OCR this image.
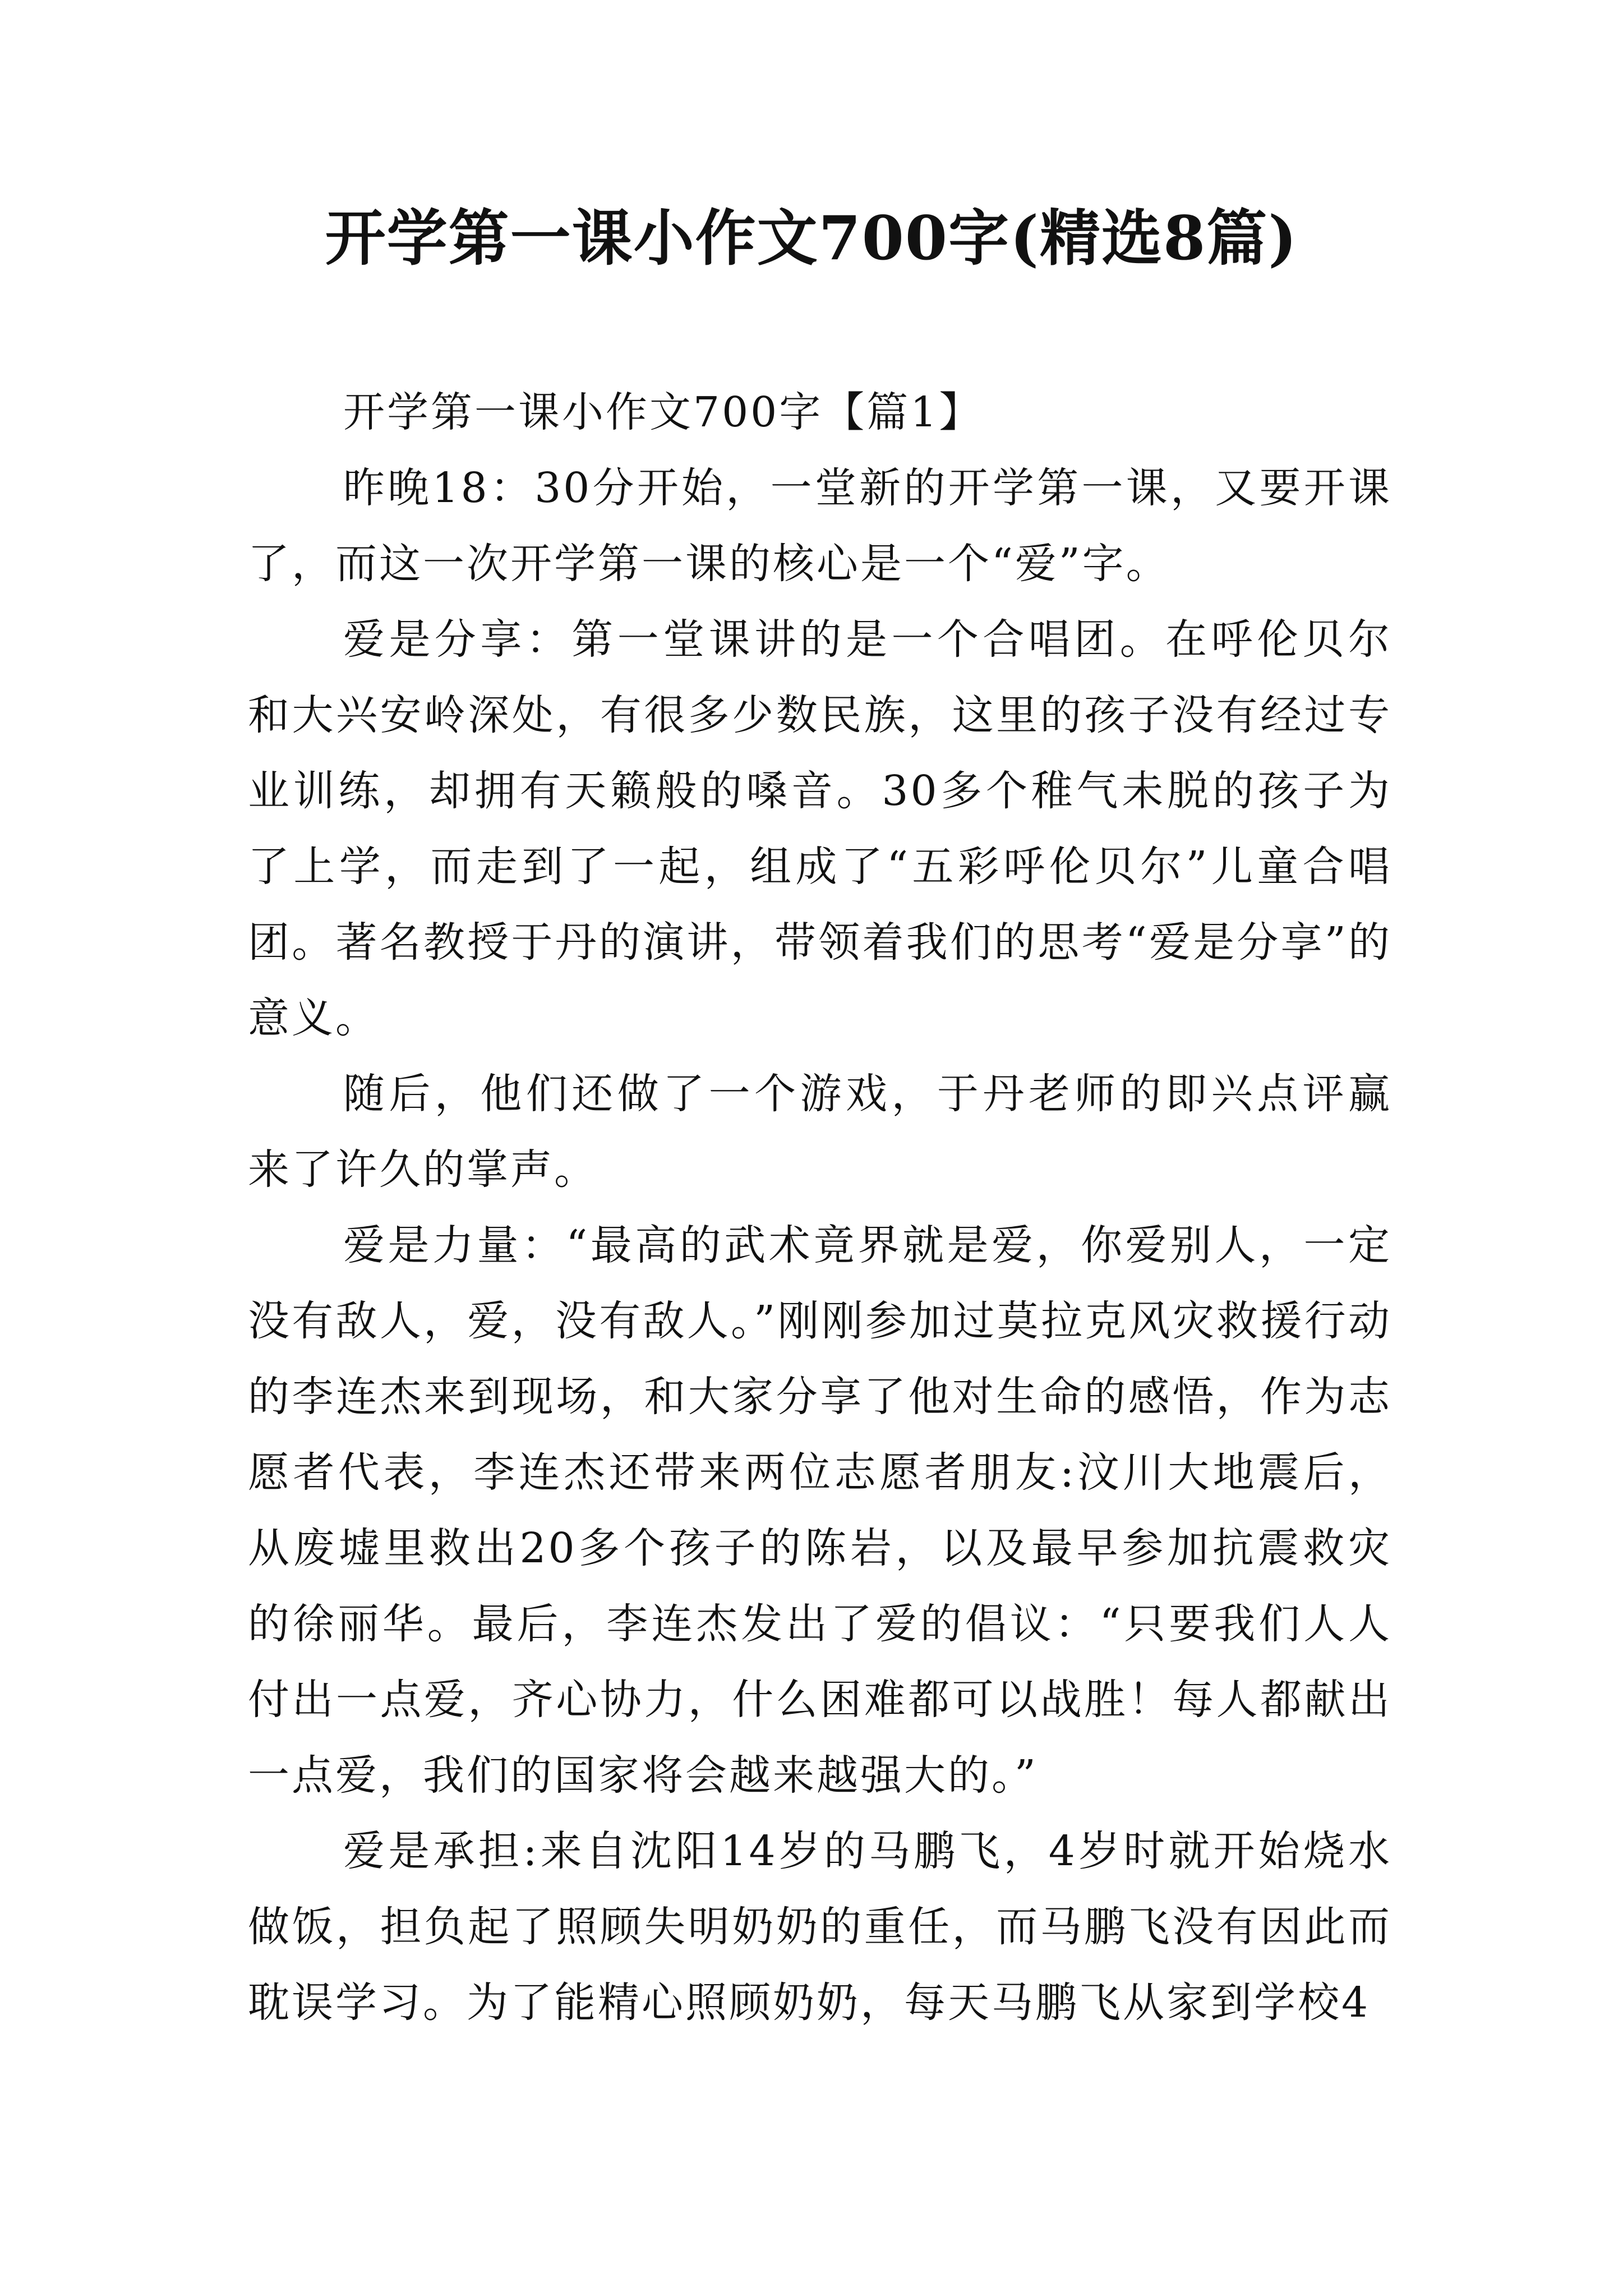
开学第一课小作文700字(精选8篇)

开学第一课小作文700字【篇1】

昨晚18：30分开始，一堂新的开学第一课，又要开课了，而这一次开学第一课的核心是一个“爱”字。

爱是分享：第一堂课讲的是一个合唱团。在呼伦贝尔和大兴安岭深处，有很多少数民族，这里的孩子没有经过专业训练，却拥有天籁般的嗓音。30多个稚气未脱的孩子为了上学，而走到了一起，组成了“五彩呼伦贝尔”儿童合唱团。著名教授于丹的演讲，带领着我们的思考“爱是分享”的意义。

随后，他们还做了一个游戏，于丹老师的即兴点评赢来了许久的掌声。

爱是力量：“最高的武术竟界就是爱，你爱别人，一定没有敌人，爱，没有敌人。”刚刚参加过莫拉克风灾救援行动的李连杰来到现场，和大家分享了他对生命的感悟，作为志愿者代表，李连杰还带来两位志愿者朋友:汶川大地震后，从废墟里救出20多个孩子的陈岩，以及最早参加抗震救灾的徐丽华。最后，李连杰发出了爱的倡议：“只要我们人人付出一点爱，齐心协力，什么困难都可以战胜！每人都献出一点爱，我们的国家将会越来越强大的。”

爱是承担:来自沈阳14岁的马鹏飞，4岁时就开始烧水做饭，担负起了照顾失明奶奶的重任，而马鹏飞没有因此而耽误学习。为了能精心照顾奶奶，每天马鹏飞从家到学校4
